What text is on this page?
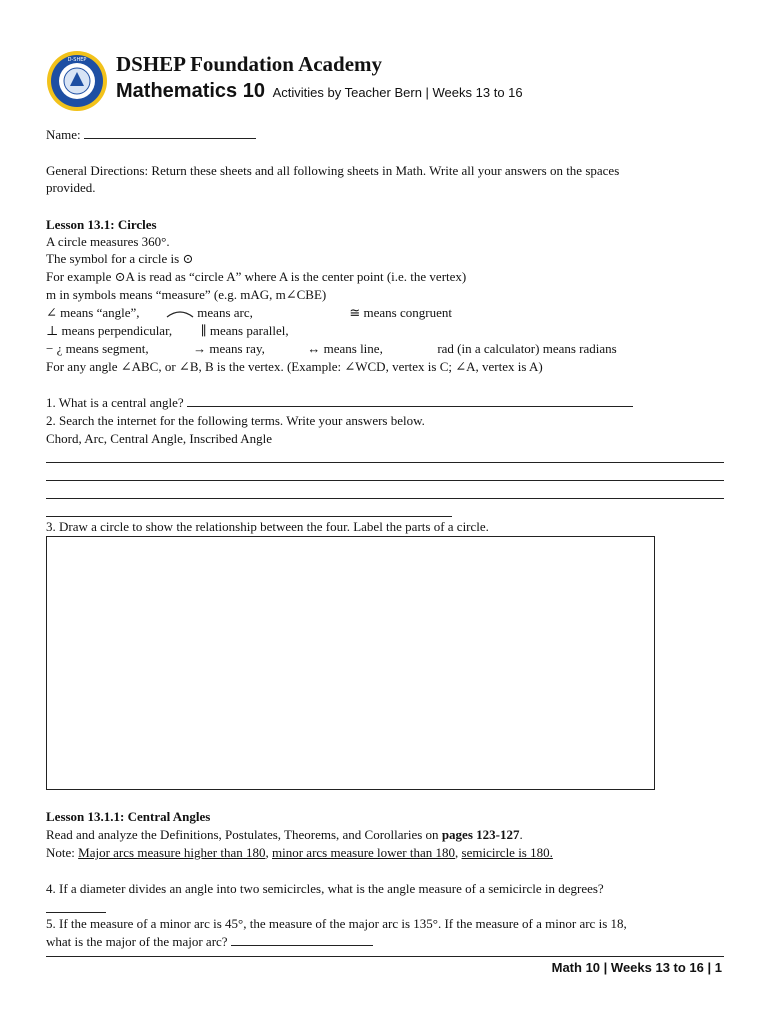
D-SHEP DSHEP Foundation Academy
Mathematics 10 Activities by Teacher Bern | Weeks 13 to 16
Name:
General Directions: Return these sheets and all following sheets in Math. Write all your answers on the spaces
provided.
Lesson 13.1: Circles
A circle measures 360°.
The symbol for a circle is ⊙
For example ⊙A is read as “circle A” where A is the center point (i.e. the vertex)
m in symbols means “measure” (e.g. mAG, m∠CBE)
∠ means “angle”,	means arc,	≅ means congruent
⊥ means perpendicular, ∥ means parallel,
− ¿ means segment,	→ means ray,	↔ means line,	rad (in a calculator) means radians
For any angle ∠ABC, or ∠B, B is the vertex. (Example: ∠WCD, vertex is C; ∠A, vertex is A)
1. What is a central angle?
2. Search the internet for the following terms. Write your answers below.
Chord, Arc, Central Angle, Inscribed Angle
3. Draw a circle to show the relationship between the four. Label the parts of a circle.
Lesson 13.1.1: Central Angles
Read and analyze the Definitions, Postulates, Theorems, and Corollaries on pages 123-127.
Note: Major arcs measure higher than 180, minor arcs measure lower than 180, semicircle is 180.
4. If a diameter divides an angle into two semicircles, what is the angle measure of a semicircle in degrees?
5. If the measure of a minor arc is 45°, the measure of the major arc is 135°. If the measure of a minor arc is 18,
what is the major of the major arc?
Math 10 | Weeks 13 to 16 | 1
